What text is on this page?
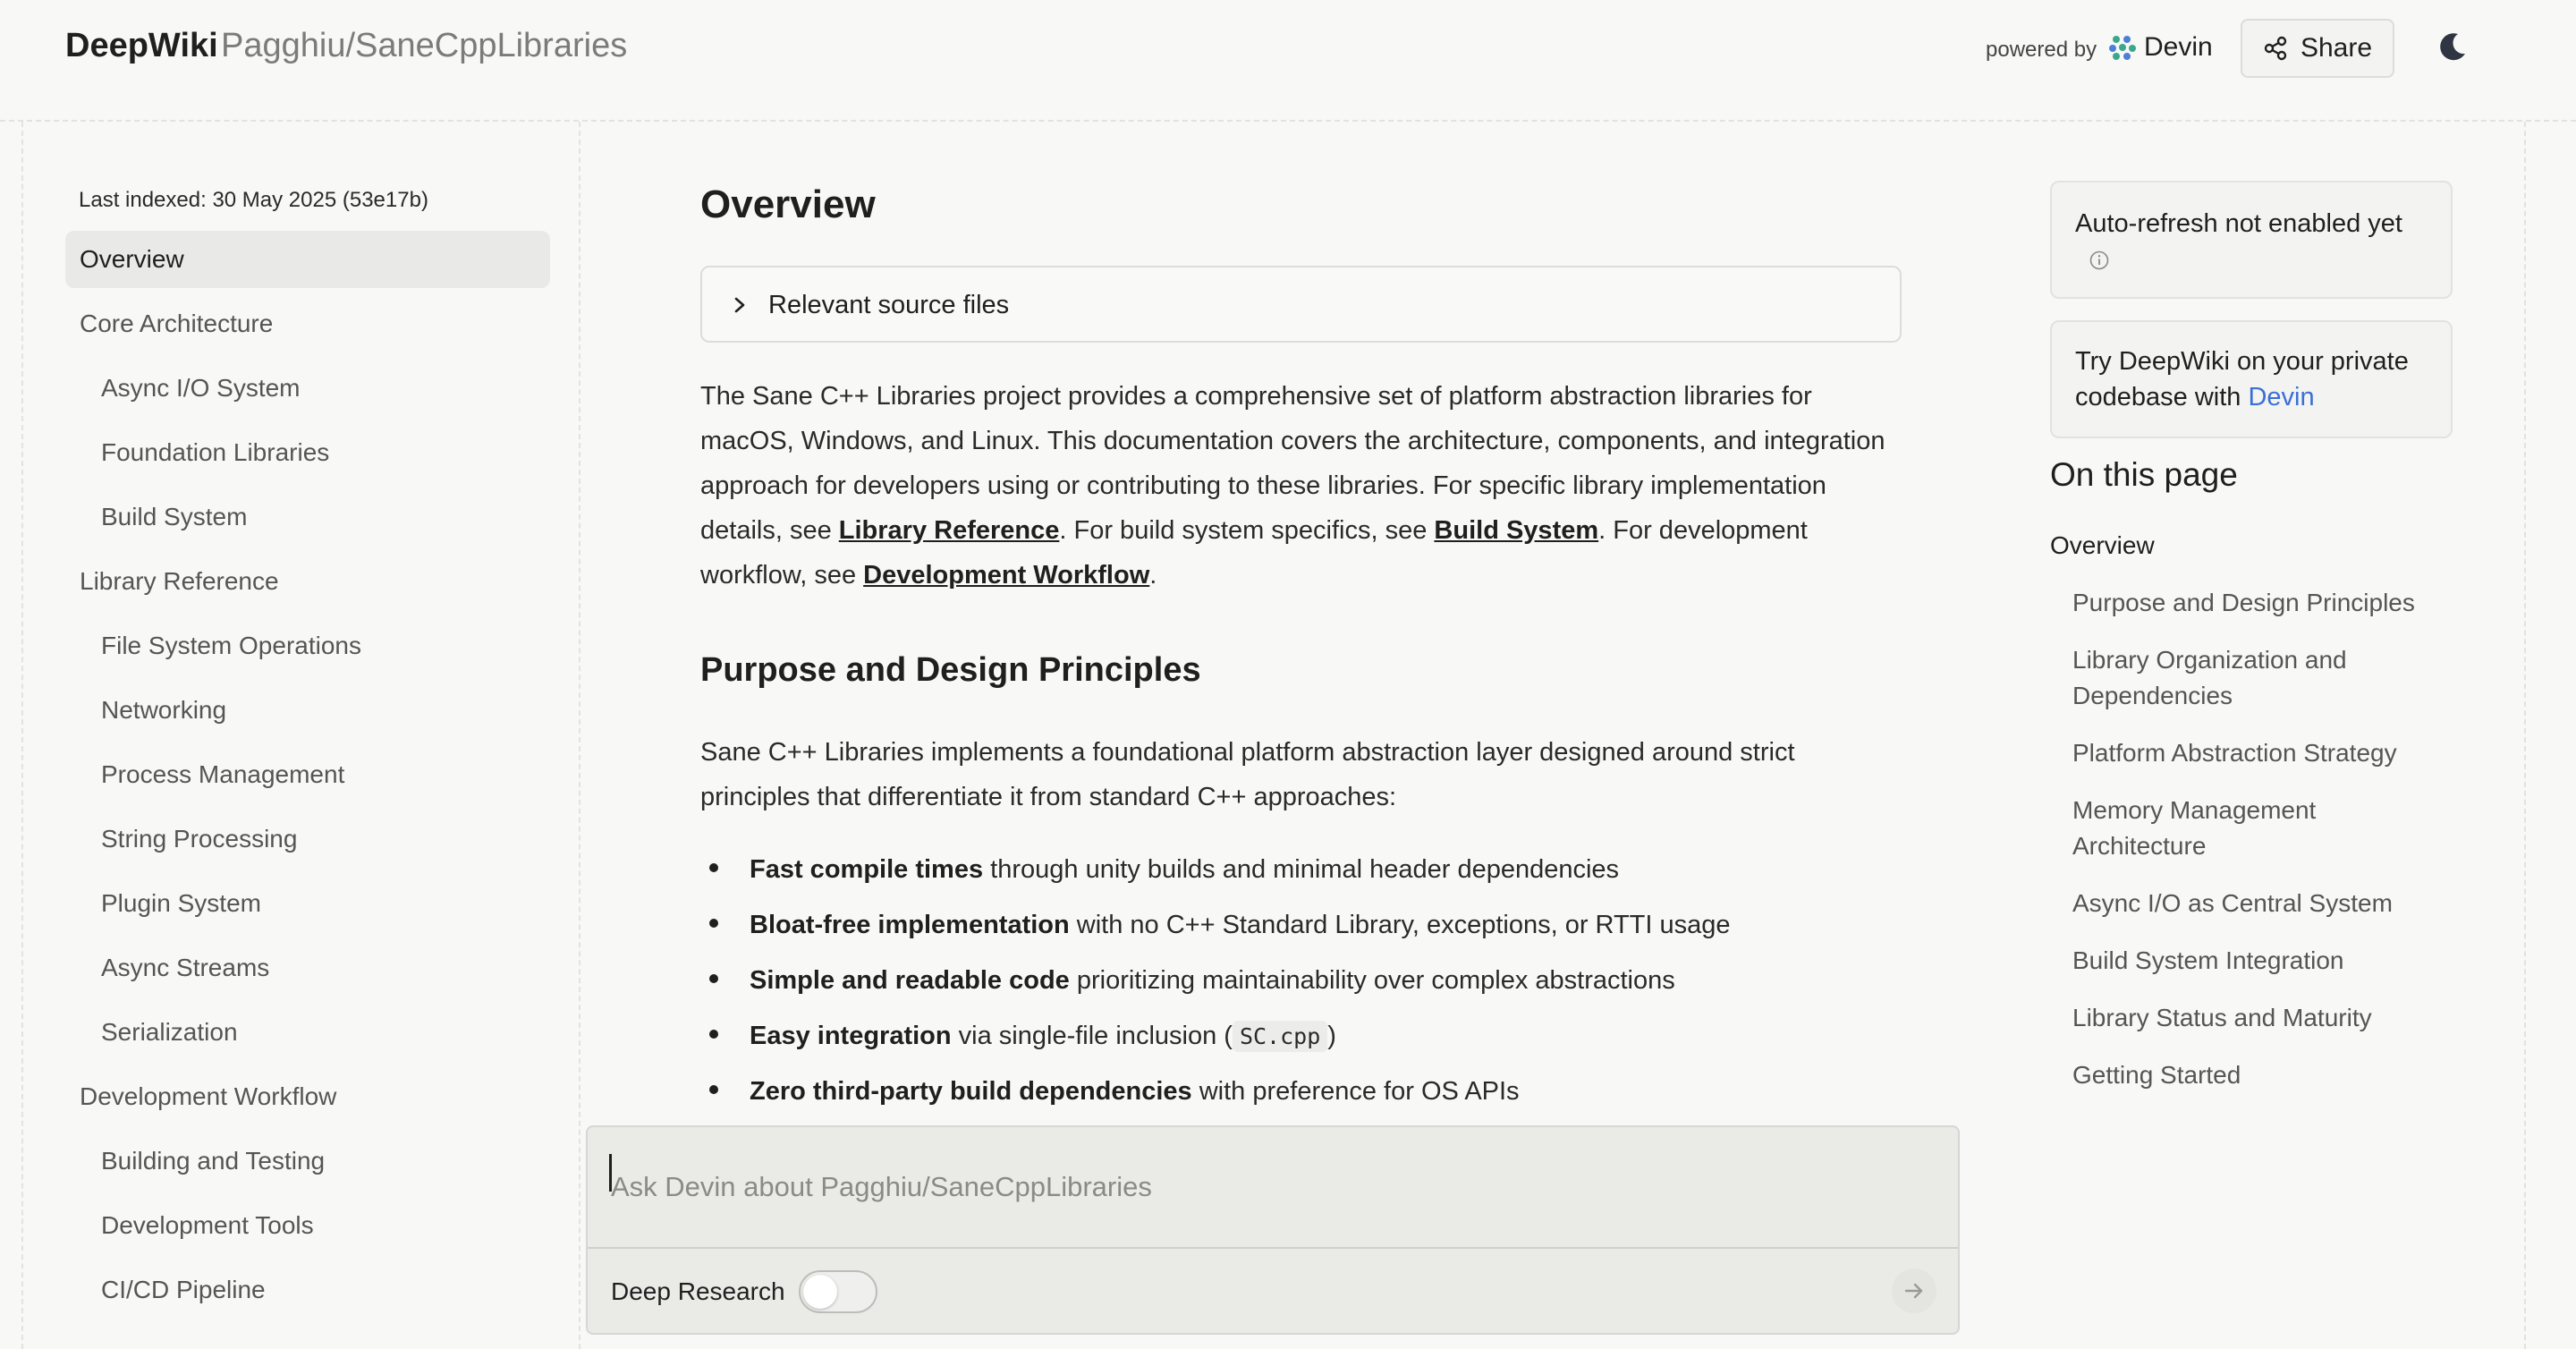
DeepWiki Pagghiu/SaneCppLibraries	powered by Devin	Share
Last indexed: 30 May 2025 (53e17b)
Overview
Core Architecture
Async I/O System
Foundation Libraries
Build System
Library Reference
File System Operations
Networking
Process Management
String Processing
Plugin System
Async Streams
Serialization
Development Workflow
Building and Testing
Development Tools
CI/CD Pipeline
Overview
Relevant source files
The Sane C++ Libraries project provides a comprehensive set of platform abstraction libraries for macOS, Windows, and Linux. This documentation covers the architecture, components, and integration approach for developers using or contributing to these libraries. For specific library implementation details, see Library Reference. For build system specifics, see Build System. For development workflow, see Development Workflow.
Purpose and Design Principles
Sane C++ Libraries implements a foundational platform abstraction layer designed around strict principles that differentiate it from standard C++ approaches:
Fast compile times through unity builds and minimal header dependencies
Bloat-free implementation with no C++ Standard Library, exceptions, or RTTI usage
Simple and readable code prioritizing maintainability over complex abstractions
Easy integration via single-file inclusion ( SC.cpp )
Zero third-party build dependencies with preference for OS APIs
Auto-refresh not enabled yet
Try DeepWiki on your private codebase with Devin
On this page
Overview
Purpose and Design Principles
Library Organization and Dependencies
Platform Abstraction Strategy
Memory Management Architecture
Async I/O as Central System
Build System Integration
Library Status and Maturity
Getting Started
Ask Devin about Pagghiu/SaneCppLibraries
Deep Research
